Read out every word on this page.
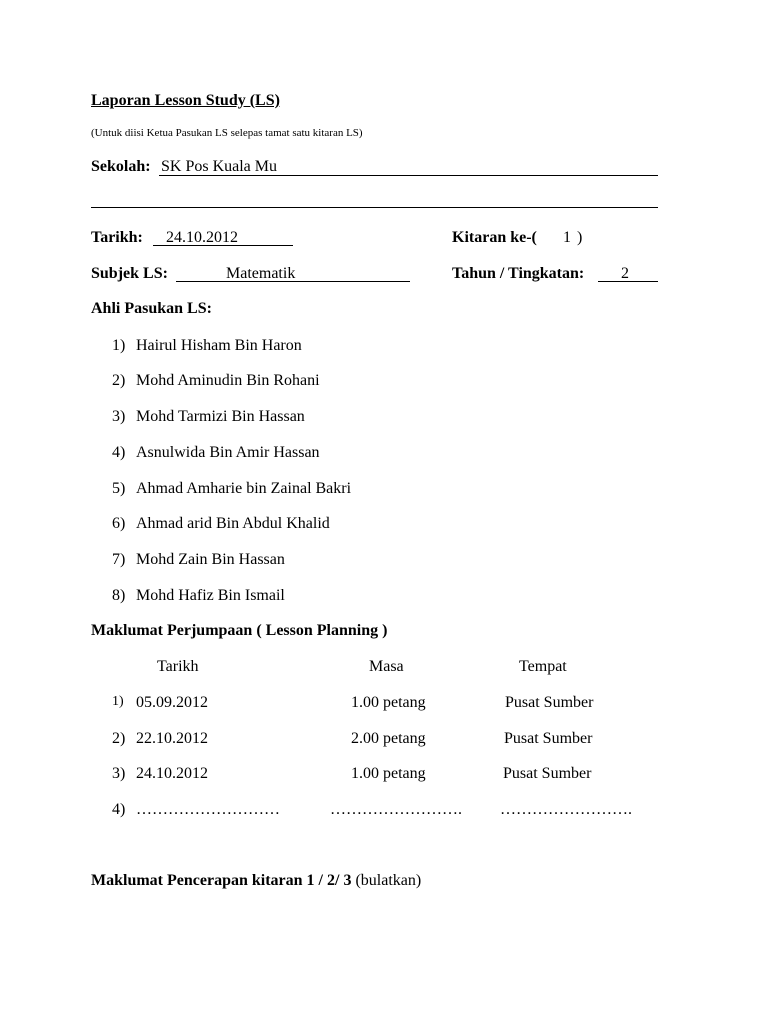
Laporan Lesson Study (LS)
(Untuk diisi Ketua Pasukan LS selepas tamat satu kitaran LS)
Sekolah: SK Pos Kuala Mu
Tarikh: 24.10.2012	Kitaran ke-( 1 )
Subjek LS:	Matematik	Tahun / Tingkatan: 2
Ahli Pasukan LS:
1) Hairul Hisham Bin Haron
2) Mohd Aminudin Bin Rohani
3) Mohd Tarmizi Bin Hassan
4) Asnulwida Bin Amir Hassan
5) Ahmad Amharie bin Zainal Bakri
6) Ahmad arid Bin Abdul Khalid
7) Mohd Zain Bin Hassan
8) Mohd Hafiz Bin Ismail
Maklumat Perjumpaan ( Lesson Planning )
Tarikh	Masa	Tempat
1) 05.09.2012	1.00 petang	Pusat Sumber
2) 22.10.2012	2.00 petang	Pusat Sumber
3) 24.10.2012	1.00 petang	Pusat Sumber
4) ………………………	……………………. …………………….
Maklumat Pencerapan kitaran 1 / 2/ 3 (bulatkan)
